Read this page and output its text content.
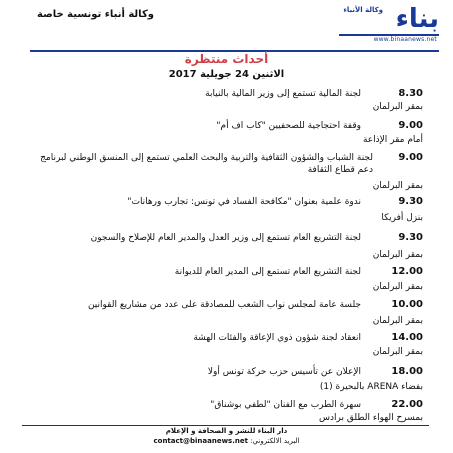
وكالة أنباء تونسية خاصة	وكالة الأنباء بناء
www.binaanews.net
أحداث منتظرة
الاثنين 24 جويلية 2017
8.30
لجنة المالية تستمع إلى وزير المالية بالنيابة
بمقر البرلمان
9.00
وقفة احتجاجية للصحفيين "كاب اف أم"
أمام مقر الإذاعة
9.00
لجنة الشباب والشؤون الثقافية والتربية والبحث العلمي تستمع إلى المنسق الوطني لبرنامج دعم قطاع الثقافة
بمقر البرلمان
9.30
ندوة علمية بعنوان "مكافحة الفساد في تونس: تجارب ورهانات"
بنزل أفريكا
9.30
لجنة التشريع العام تستمع إلى وزير العدل والمدير العام للإصلاح والسجون
بمقر البرلمان
12.00
لجنة التشريع العام تستمع إلى المدير العام للديوانة
بمقر البرلمان
10.00
جلسة عامة لمجلس نواب الشعب للمصادقة على عدد من مشاريع القوانين
بمقر البرلمان
14.00
انعقاد لجنة شؤون ذوي الإعاقة والفئات الهشة
بمقر البرلمان
18.00
الإعلان عن تأسيس حزب حركة تونس أولا
بفضاء ARENA بالبحيرة (1)
22.00
سهرة الطرب مع الفنان "لطفي بوشناق"
بمسرح الهواء الطلق برادس
دار البناء للنشر و الصحافة و الإعلام
contact@binaanews.net :البريد الالكتروني
